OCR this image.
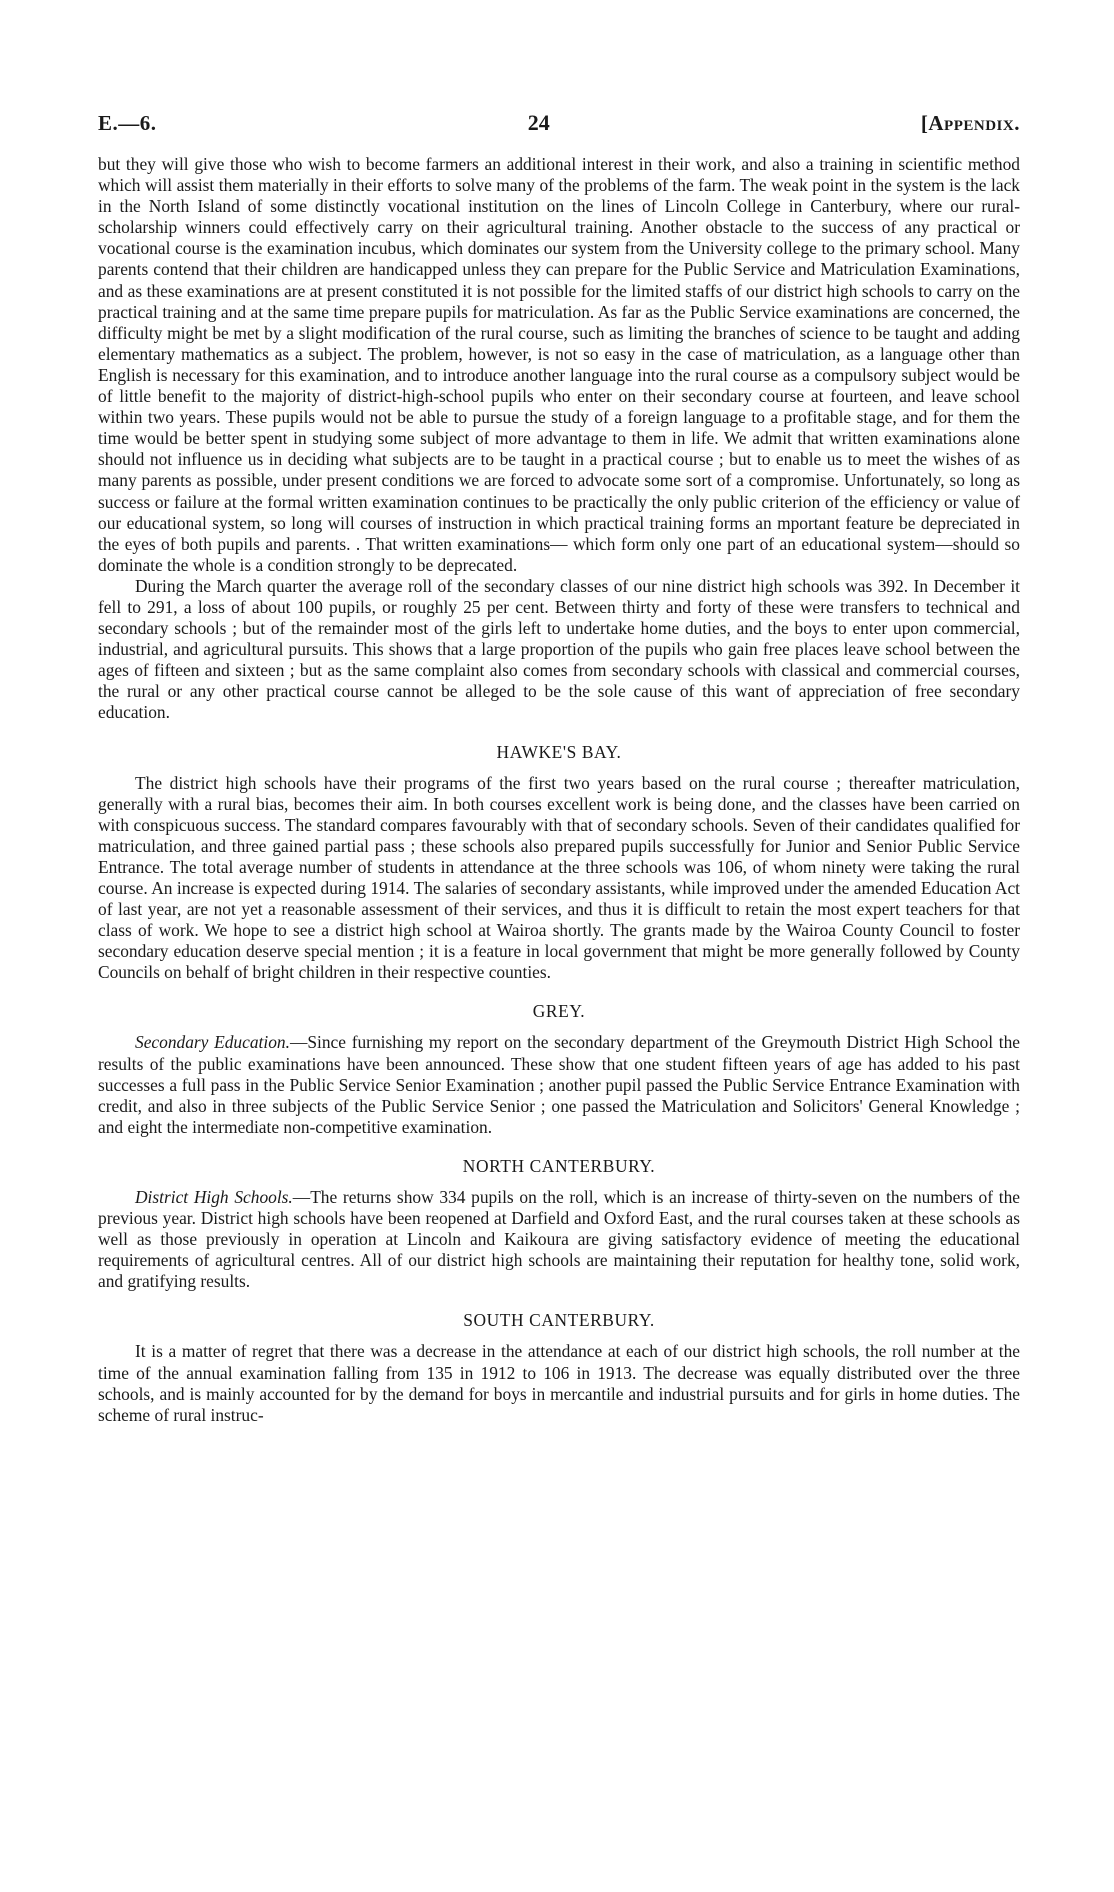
E.—6.	24	[Appendix.

but they will give those who wish to become farmers an additional interest in their work, and also a training in scientific method which will assist them materially in their efforts to solve many of the problems of the farm. The weak point in the system is the lack in the North Island of some distinctly vocational institution on the lines of Lincoln College in Canterbury, where our rural-scholarship winners could effectively carry on their agricultural training. Another obstacle to the success of any practical or vocational course is the examination incubus, which dominates our system from the University college to the primary school. Many parents contend that their children are handicapped unless they can prepare for the Public Service and Matriculation Examinations, and as these examinations are at present constituted it is not possible for the limited staffs of our district high schools to carry on the practical training and at the same time prepare pupils for matriculation. As far as the Public Service examinations are concerned, the difficulty might be met by a slight modification of the rural course, such as limiting the branches of science to be taught and adding elementary mathematics as a subject. The problem, however, is not so easy in the case of matriculation, as a language other than English is necessary for this examination, and to introduce another language into the rural course as a compulsory subject would be of little benefit to the majority of district-high-school pupils who enter on their secondary course at fourteen, and leave school within two years. These pupils would not be able to pursue the study of a foreign language to a profitable stage, and for them the time would be better spent in studying some subject of more advantage to them in life. We admit that written examinations alone should not influence us in deciding what subjects are to be taught in a practical course ; but to enable us to meet the wishes of as many parents as possible, under present conditions we are forced to advocate some sort of a compromise. Unfortunately, so long as success or failure at the formal written examination continues to be practically the only public criterion of the efficiency or value of our educational system, so long will courses of instruction in which practical training forms an mportant feature be depreciated in the eyes of both pupils and parents. . That written examinations— which form only one part of an educational system—should so dominate the whole is a condition strongly to be deprecated.

During the March quarter the average roll of the secondary classes of our nine district high schools was 392. In December it fell to 291, a loss of about 100 pupils, or roughly 25 per cent. Between thirty and forty of these were transfers to technical and secondary schools ; but of the remainder most of the girls left to undertake home duties, and the boys to enter upon commercial, industrial, and agricultural pursuits. This shows that a large proportion of the pupils who gain free places leave school between the ages of fifteen and sixteen ; but as the same complaint also comes from secondary schools with classical and commercial courses, the rural or any other practical course cannot be alleged to be the sole cause of this want of appreciation of free secondary education.

HAWKE'S BAY.

The district high schools have their programs of the first two years based on the rural course ; thereafter matriculation, generally with a rural bias, becomes their aim. In both courses excellent work is being done, and the classes have been carried on with conspicuous success. The standard compares favourably with that of secondary schools. Seven of their candidates qualified for matriculation, and three gained partial pass ; these schools also prepared pupils successfully for Junior and Senior Public Service Entrance. The total average number of students in attendance at the three schools was 106, of whom ninety were taking the rural course. An increase is expected during 1914. The salaries of secondary assistants, while improved under the amended Education Act of last year, are not yet a reasonable assessment of their services, and thus it is difficult to retain the most expert teachers for that class of work. We hope to see a district high school at Wairoa shortly. The grants made by the Wairoa County Council to foster secondary education deserve special mention ; it is a feature in local government that might be more generally followed by County Councils on behalf of bright children in their respective counties.

GREY.

Secondary Education.—Since furnishing my report on the secondary department of the Greymouth District High School the results of the public examinations have been announced. These show that one student fifteen years of age has added to his past successes a full pass in the Public Service Senior Examination ; another pupil passed the Public Service Entrance Examination with credit, and also in three subjects of the Public Service Senior ; one passed the Matriculation and Solicitors' General Knowledge ; and eight the intermediate non-competitive examination.

NORTH CANTERBURY.

District High Schools.—The returns show 334 pupils on the roll, which is an increase of thirty-seven on the numbers of the previous year. District high schools have been reopened at Darfield and Oxford East, and the rural courses taken at these schools as well as those previously in operation at Lincoln and Kaikoura are giving satisfactory evidence of meeting the educational requirements of agricultural centres. All of our district high schools are maintaining their reputation for healthy tone, solid work, and gratifying results.

SOUTH CANTERBURY.

It is a matter of regret that there was a decrease in the attendance at each of our district high schools, the roll number at the time of the annual examination falling from 135 in 1912 to 106 in 1913. The decrease was equally distributed over the three schools, and is mainly accounted for by the demand for boys in mercantile and industrial pursuits and for girls in home duties. The scheme of rural instruc-
